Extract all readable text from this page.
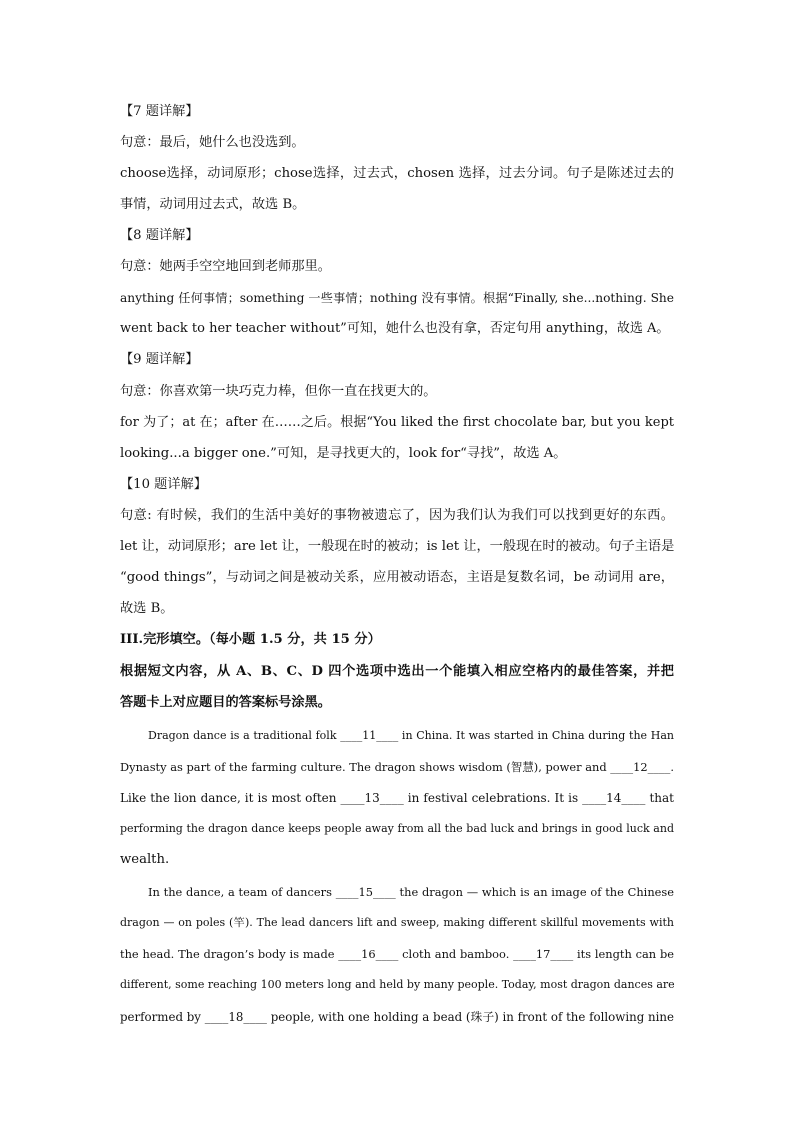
【7 题详解】
句意：最后，她什么也没选到。
choose选择，动词原形；chose选择，过去式，chosen 选择，过去分词。句子是陈述过去的
事情，动词用过去式，故选 B。
【8 题详解】
句意：她两手空空地回到老师那里。
anything 任何事情；something 一些事情；nothing 没有事情。根据“Finally, she...nothing. She
went back to her teacher without”可知，她什么也没有拿，否定句用 anything，故选 A。
【9 题详解】
句意：你喜欢第一块巧克力棒，但你一直在找更大的。
for 为了；at 在；after 在……之后。根据“You liked the first chocolate bar, but you kept
looking...a bigger one.”可知，是寻找更大的，look for“寻找”，故选 A。
【10 题详解】
句意: 有时候，我们的生活中美好的事物被遗忘了，因为我们认为我们可以找到更好的东西。
let 让，动词原形；are let 让，一般现在时的被动；is let 让，一般现在时的被动。句子主语是
“good things”，与动词之间是被动关系，应用被动语态，主语是复数名词，be 动词用 are，
故选 B。
III.完形填空。（每小题 1.5 分，共 15 分）
根据短文内容，从 A、B、C、D 四个选项中选出一个能填入相应空格内的最佳答案，并把
答题卡上对应题目的答案标号涂黑。
Dragon dance is a traditional folk ____11____ in China. It was started in China during the Han
Dynasty as part of the farming culture. The dragon shows wisdom (智慧), power and ____12____.
Like the lion dance, it is most often ____13____ in festival celebrations. It is ____14____ that
performing the dragon dance keeps people away from all the bad luck and brings in good luck and
wealth.
In the dance, a team of dancers ____15____ the dragon — which is an image of the Chinese
dragon — on poles (竿). The lead dancers lift and sweep, making different skillful movements with
the head. The dragon’s body is made ____16____ cloth and bamboo. ____17____ its length can be
different, some reaching 100 meters long and held by many people. Today, most dragon dances are
performed by ____18____ people, with one holding a bead (珠子) in front of the following nine
